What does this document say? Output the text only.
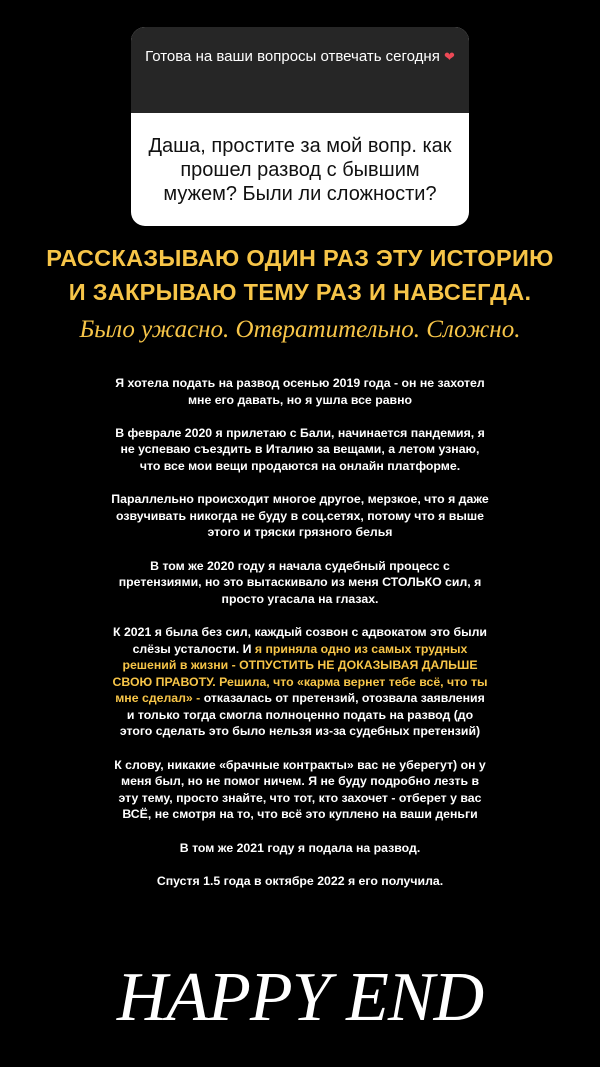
Готова на ваши вопросы отвечать сегодня ❤
Даша, простите за мой вопр. как прошел развод с бывшим мужем? Были ли сложности?
РАССКАЗЫВАЮ ОДИН РАЗ ЭТУ ИСТОРИЮ
И ЗАКРЫВАЮ ТЕМУ РАЗ И НАВСЕГДА.
Было ужасно. Отвратительно. Сложно.

Я хотела подать на развод осенью 2019 года - он не захотел мне его давать, но я ушла все равно

В феврале 2020 я прилетаю с Бали, начинается пандемия, я не успеваю съездить в Италию за вещами, а летом узнаю, что все мои вещи продаются на онлайн платформе.

Параллельно происходит многое другое, мерзкое, что я даже озвучивать никогда не буду в соц.сетях, потому что я выше этого и тряски грязного белья

В том же 2020 году я начала судебный процесс с претензиями, но это вытаскивало из меня СТОЛЬКО сил, я просто угасала на глазах.

К 2021 я была без сил, каждый созвон с адвокатом это были слёзы усталости. И я приняла одно из самых трудных решений в жизни - ОТПУСТИТЬ НЕ ДОКАЗЫВАЯ ДАЛЬШЕ СВОЮ ПРАВОТУ. Решила, что «карма вернет тебе всё, что ты мне сделал» - отказалась от претензий, отозвала заявления и только тогда смогла полноценно подать на развод (до этого сделать это было нельзя из-за судебных претензий)

К слову, никакие «брачные контракты» вас не уберегут) он у меня был, но не помог ничем. Я не буду подробно лезть в эту тему, просто знайте, что тот, кто захочет - отберет у вас ВСЁ, не смотря на то, что всё это куплено на ваши деньги

В том же 2021 году я подала на развод.

Спустя 1.5 года в октябре 2022 я его получила.

HAPPY END
